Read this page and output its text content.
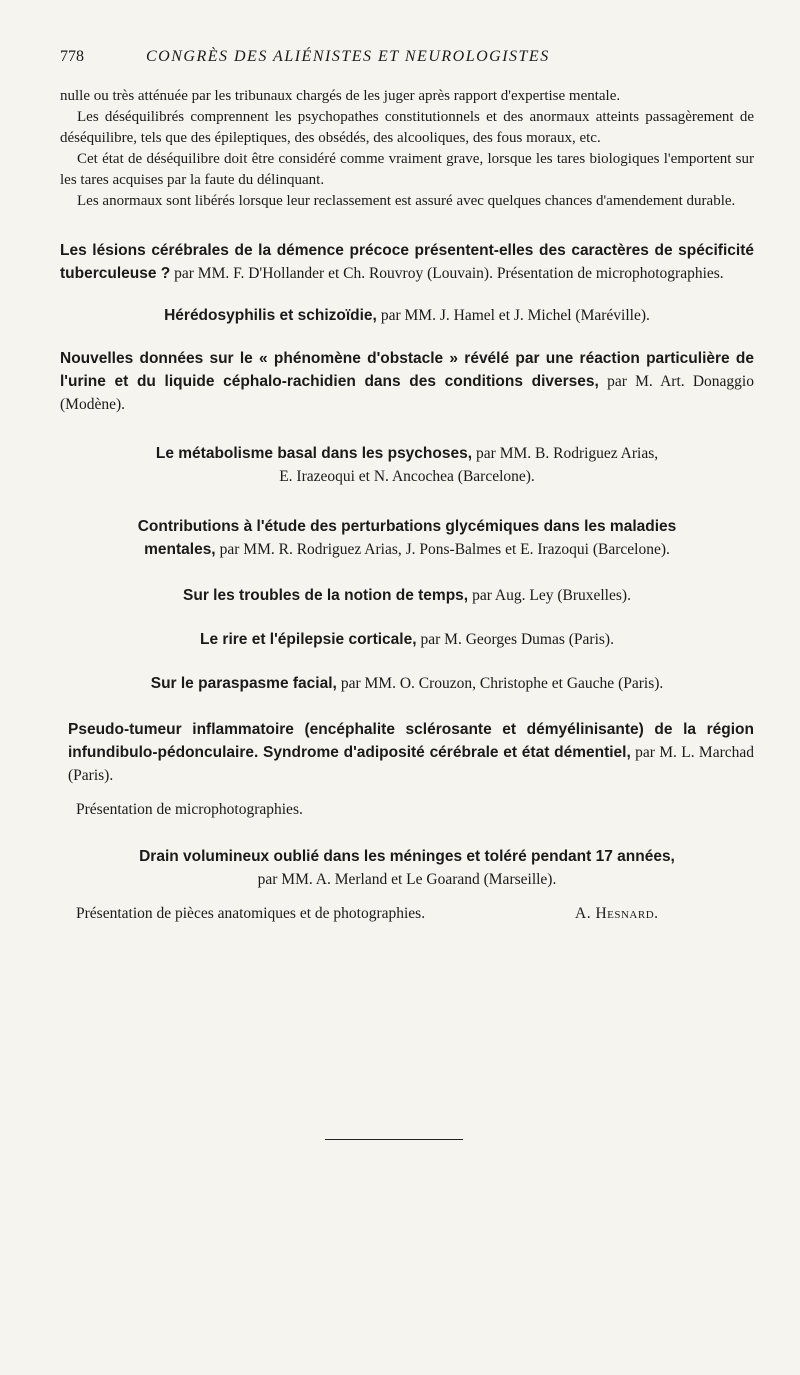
778	CONGRÈS DES ALIÉNISTES ET NEUROLOGISTES

nulle ou très atténuée par les tribunaux chargés de les juger après rapport d'expertise mentale.

Les déséquilibrés comprennent les psychopathes constitutionnels et des anormaux atteints passagèrement de déséquilibre, tels que des épileptiques, des obsédés, des alcooliques, des fous moraux, etc.

Cet état de déséquilibre doit être considéré comme vraiment grave, lorsque les tares biologiques l'emportent sur les tares acquises par la faute du délinquant.

Les anormaux sont libérés lorsque leur reclassement est assuré avec quelques chances d'amendement durable.

Les lésions cérébrales de la démence précoce présentent-elles des caractères de spécificité tuberculeuse ? par MM. F. D'Hollander et Ch. Rouvroy (Louvain). Présentation de microphotographies.
Hérédosyphilis et schizoïdie, par MM. J. Hamel et J. Michel (Maréville).
Nouvelles données sur le « phénomène d'obstacle » révélé par une réaction particulière de l'urine et du liquide céphalo-rachidien dans des conditions diverses, par M. Art. Donaggio (Modène).
Le métabolisme basal dans les psychoses, par MM. B. Rodriguez Arias,
E. Irazeoqui et N. Ancochea (Barcelone).
Contributions à l'étude des perturbations glycémiques dans les maladies
mentales, par MM. R. Rodriguez Arias, J. Pons-Balmes et E. Irazoqui (Barcelone).
Sur les troubles de la notion de temps, par Aug. Ley (Bruxelles).
Le rire et l'épilepsie corticale, par M. Georges Dumas (Paris).
Sur le paraspasme facial, par MM. O. Crouzon, Christophe et Gauche (Paris).
Pseudo-tumeur inflammatoire (encéphalite sclérosante et démyélinisante) de la région infundibulo-pédonculaire. Syndrome d'adiposité cérébrale et état démentiel, par M. L. Marchad (Paris).
Présentation de microphotographies.
Drain volumineux oublié dans les méninges et toléré pendant 17 années,
par MM. A. Merland et Le Goarand (Marseille).
Présentation de pièces anatomiques et de photographies.	A. Hesnard.
